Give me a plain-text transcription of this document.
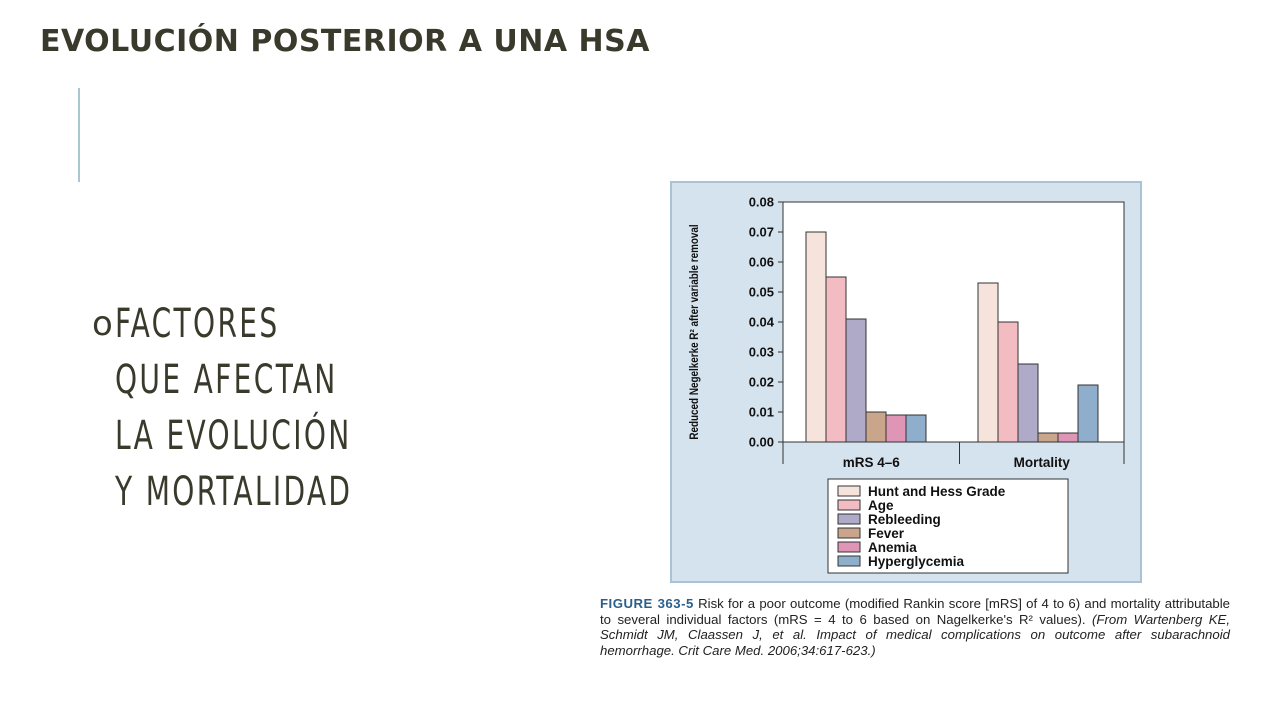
EVOLUCIÓN POSTERIOR A UNA HSA
o FACTORES QUE AFECTAN LA EVOLUCIÓN Y MORTALIDAD
0.00
0.01
0.02
0.03
0.04
0.05
0.06
0.07
0.08
Reduced Negelkerke R² after variable removal
mRS 4–6	Mortality
Hunt and Hess Grade
Age
Rebleeding
Fever
Anemia
Hyperglycemia
FIGURE 363-5 Risk for a poor outcome (modified Rankin score [mRS] of 4 to 6) and mortality attributable to several individual factors (mRS = 4 to 6 based on Nagelkerke's R² values). (From Wartenberg KE, Schmidt JM, Claassen J, et al. Impact of medical complications on outcome after subarachnoid hemorrhage. Crit Care Med. 2006;34:617-623.)
